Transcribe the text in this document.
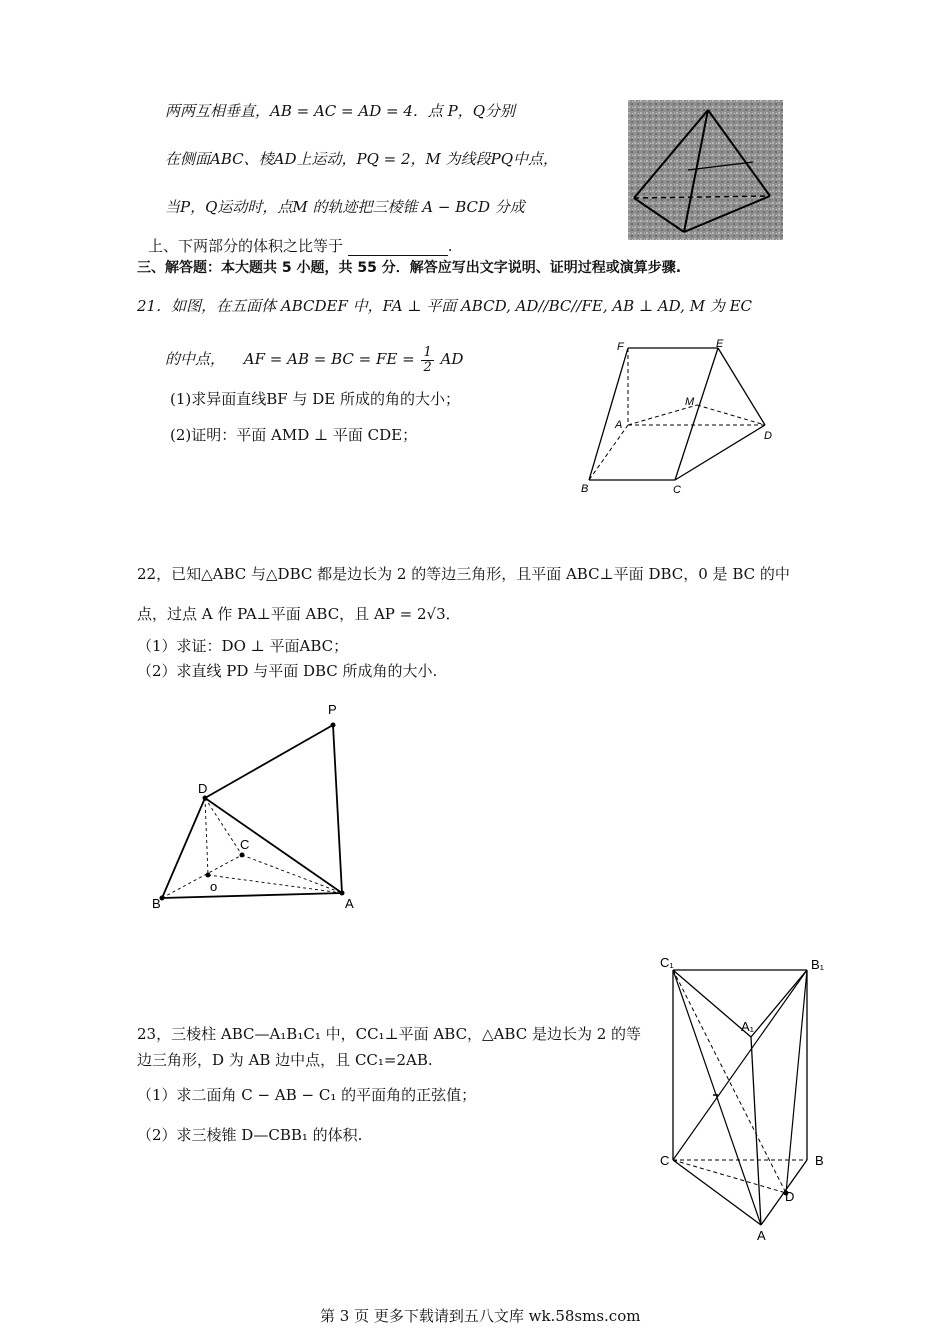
两两互相垂直，AB = AC = AD = 4．点 P，Q分别
在侧面ABC、棱AD上运动，PQ = 2，M 为线段PQ中点，
当P，Q运动时，点M 的轨迹把三棱锥 A − BCD 分成
上、下两部分的体积之比等于	.
三、解答题：本大题共 5 小题，共 55 分．解答应写出文字说明、证明过程或演算步骤.
21．如图，在五面体 ABCDEF 中，FA ⊥ 平面 ABCD, AD//BC//FE, AB ⊥ AD, M 为 EC
的中点， AF = AB = BC = FE = $\frac{1}{2}$ AD
(1)求异面直线BF 与 DE 所成的角的大小；
(2)证明：平面 AMD ⊥ 平面 CDE；
F	E
M
A
D
B	C
22，已知△ABC 与△DBC 都是边长为 2 的等边三角形，且平面 ABC⊥平面 DBC，0 是 BC 的中
点，过点 A 作 PA⊥平面 ABC，且 AP = 2√3．
（1）求证：DO ⊥ 平面ABC；
（2）求直线 PD 与平面 DBC 所成角的大小.
P
D
C
o
B	A
23，三棱柱 ABC—A₁B₁C₁ 中，CC₁⊥平面 ABC，△ABC 是边长为 2 的等
边三角形，D 为 AB 边中点，且 CC₁=2AB.
（1）求二面角 C − AB − C₁ 的平面角的正弦值；
（2）求三棱锥 D—CBB₁ 的体积.
C₁	B₁
A₁
C	B
D
A
第 3 页 更多下载请到五八文库 wk.58sms.com
